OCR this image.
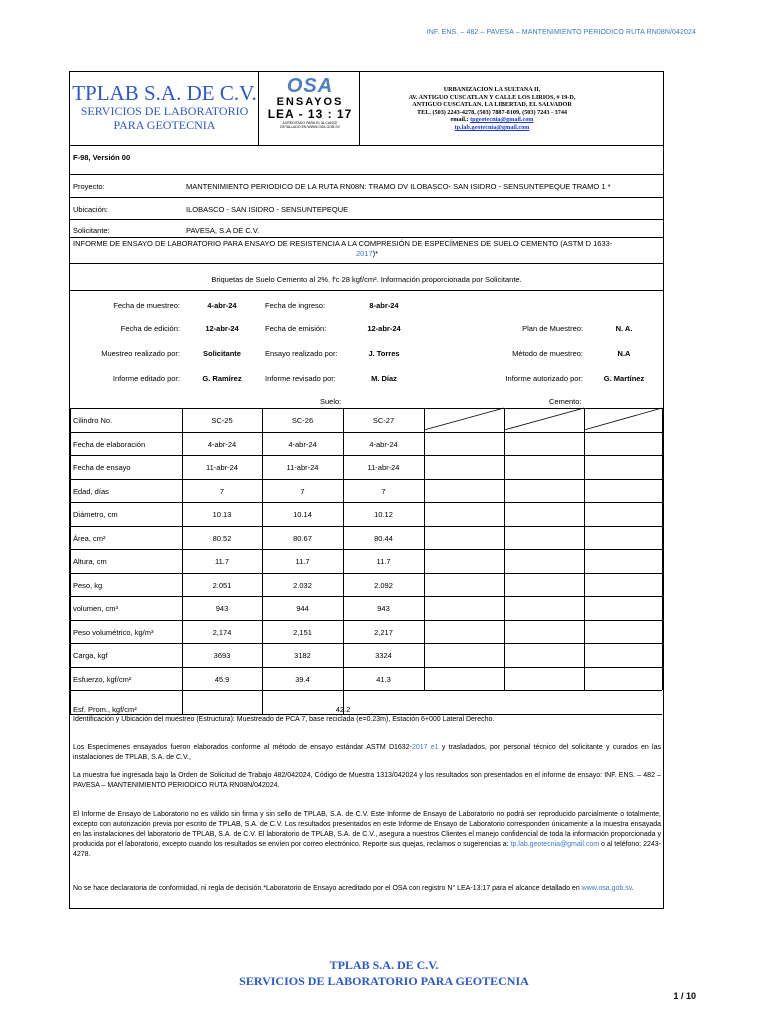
INF. ENS. – 482 – PAVESA – MANTENIMIENTO PERIODICO RUTA RN08N/042024
TPLAB S.A. DE C.V.
SERVICIOS DE LABORATORIO
PARA GEOTECNIA
OSA
ENSAYOS
LEA - 13 : 17
ACREDITADO PARA EL ALCANCE
DETALLADO EN WWW.OSA.GOB.SV
URBANIZACION LA SULTANA II,
AV. ANTIGUO CUSCATLAN Y CALLE LOS LIRIOS, # 19-D,
ANTIGUO CUSCATLAN, LA LIBERTAD, EL SALVADOR
TEL. (503) 2243-4278, (503) 7887-8109, (503) 7243 - 3744
email.: tpgeotecnia@gmail.com
tp.lab.geotecnia@gmail.com
F-98, Versión 00
Proyecto:	MANTENIMIENTO PERIODICO DE LA RUTA RN08N: TRAMO DV ILOBASCO- SAN ISIDRO - SENSUNTEPEQUE TRAMO 1 *
Ubicación:	ILOBASCO - SAN ISIDRO - SENSUNTEPEQUE
Solicitante:	PAVESA, S.A DE C.V.
INFORME DE ENSAYO DE LABORATORIO PARA ENSAYO DE RESISTENCIA A LA COMPRESIÓN DE ESPECÍMENES DE SUELO CEMENTO (ASTM D 1633-

2017)*
Briquetas de Suelo Cemento al 2%. f'c 28 kgf/cm². Información proporcionada por Solicitante.
Fecha de muestreo:	4-abr-24	Fecha de ingreso:	8-abr-24
Fecha de edición:	12-abr-24	Fecha de emisión:	12-abr-24	Plan de Muestreo:	N. A.
Muestreo realizado por:	Solicitante	Ensayo realizado por:	J. Torres	Método de muestreo:	N.A
Informe editado por:	G. Ramírez	Informe revisado por:	M. Díaz	Informe autorizado por:	G. Martínez
Suelo:	Cemento:
Cilindro No.	SC-25	SC-26	SC-27
Fecha de elaboración	4-abr-24	4-abr-24	4-abr-24
Fecha de ensayo	11-abr-24	11-abr-24	11-abr-24
Edad, días	7	7	7
Diámetro, cm	10.13	10.14	10.12
Área, cm²	80.52	80.67	80.44
Altura, cm	11.7	11.7	11.7
Peso, kg	2.051	2.032	2.092
volumen, cm³	943	944	943
Peso volumétrico, kg/m³	2,174	2,151	2,217
Carga, kgf	3693	3182	3324
Esfuerzo, kgf/cm²	45.9	39.4	41.3
Esf. Prom., kgf/cm²	42.2
Identificación y Ubicación del muestreo (Estructura): Muestreado de PCA 7, base reciclada (e=0.23m), Estación 6+000 Lateral Derecho.
Los Especímenes ensayados fueron elaborados conforme al método de ensayo estándar ASTM D1632-2017 e1 y trasladados, por personal técnico del solicitante y curados en las instalaciones de TPLAB, S.A. de C.V.,
La muestra fue ingresada bajo la Orden de Solicitud de Trabajo 482/042024, Código de Muestra 1313/042024 y los resultados son presentados en el informe de ensayo: INF. ENS. – 482 – PAVESA – MANTENIMIENTO PERIODICO RUTA RN08N/042024.
El Informe de Ensayo de Laboratorio no es válido sin firma y sin sello de TPLAB, S.A. de C.V. Este Informe de Ensayo de Laboratorio no podrá ser reproducido parcialmente o totalmente, excepto con autorización previa por escrito de TPLAB, S.A. de C.V. Los resultados presentados en este Informe de Ensayo de Laboratorio corresponden únicamente a la muestra ensayada en las instalaciones del laboratorio de TPLAB, S.A. de C.V. El laboratorio de TPLAB, S.A. de C.V., asegura a nuestros Clientes el manejo confidencial de toda la información proporcionada y producida por el laboratorio, excepto cuando los resultados se envíen por correo electrónico. Reporte sus quejas, reclamos o sugerencias a: tp.lab.geotecnia@gmail.com o al teléfono: 2243-4278.
No se hace declaratoria de conformidad, ni regla de decisión.*Laboratorio de Ensayo acreditado por el OSA con registro N° LEA-13:17 para el alcance detallado en www.osa.gob.sv.
TPLAB S.A. DE C.V.
SERVICIOS DE LABORATORIO PARA GEOTECNIA
1 / 10
